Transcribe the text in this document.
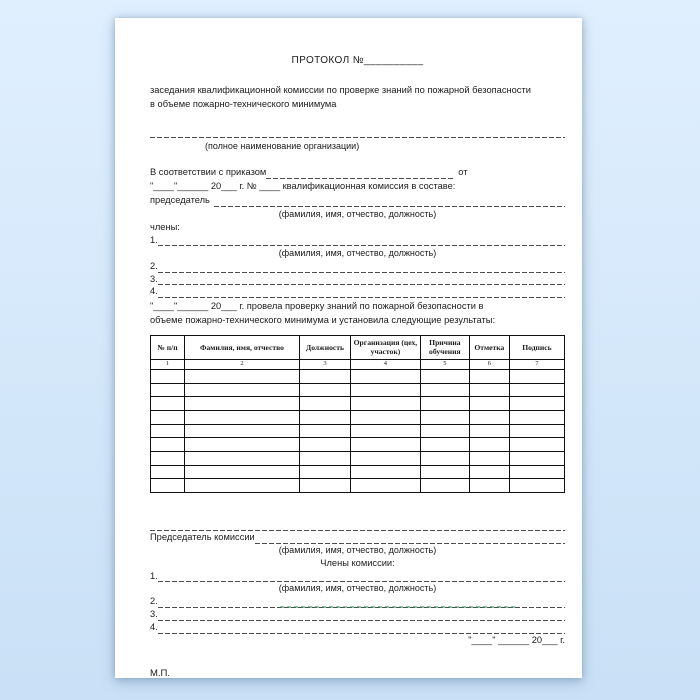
ПРОТОКОЛ №__________
заседания квалификационной комиссии по проверке знаний по пожарной безопасности
в объеме пожарно-технического минимума
(полное наименование организации)
В соответствии с приказом	от
"____"______ 20___ г. № ____ квалификационная комиссия в составе:
председатель
(фамилия, имя, отчество, должность)
члены:
1.
(фамилия, имя, отчество, должность)
2.
3.
4.
"____"______ 20___ г. провела проверку знаний по пожарной безопасности в
объеме пожарно-технического минимума и установила следующие результаты:
№ п/п	Фамилия, имя, отчество	Должность	Организация (цех, участок)	Причина обучения	Отметка	Подпись
1	2	3	4	5	6	7

Председатель комиссии
(фамилия, имя, отчество, должность)
Члены комиссии:
1.
(фамилия, имя, отчество, должность)
2.
3.
4.
"____" ______ 20___ г.
М.П.
